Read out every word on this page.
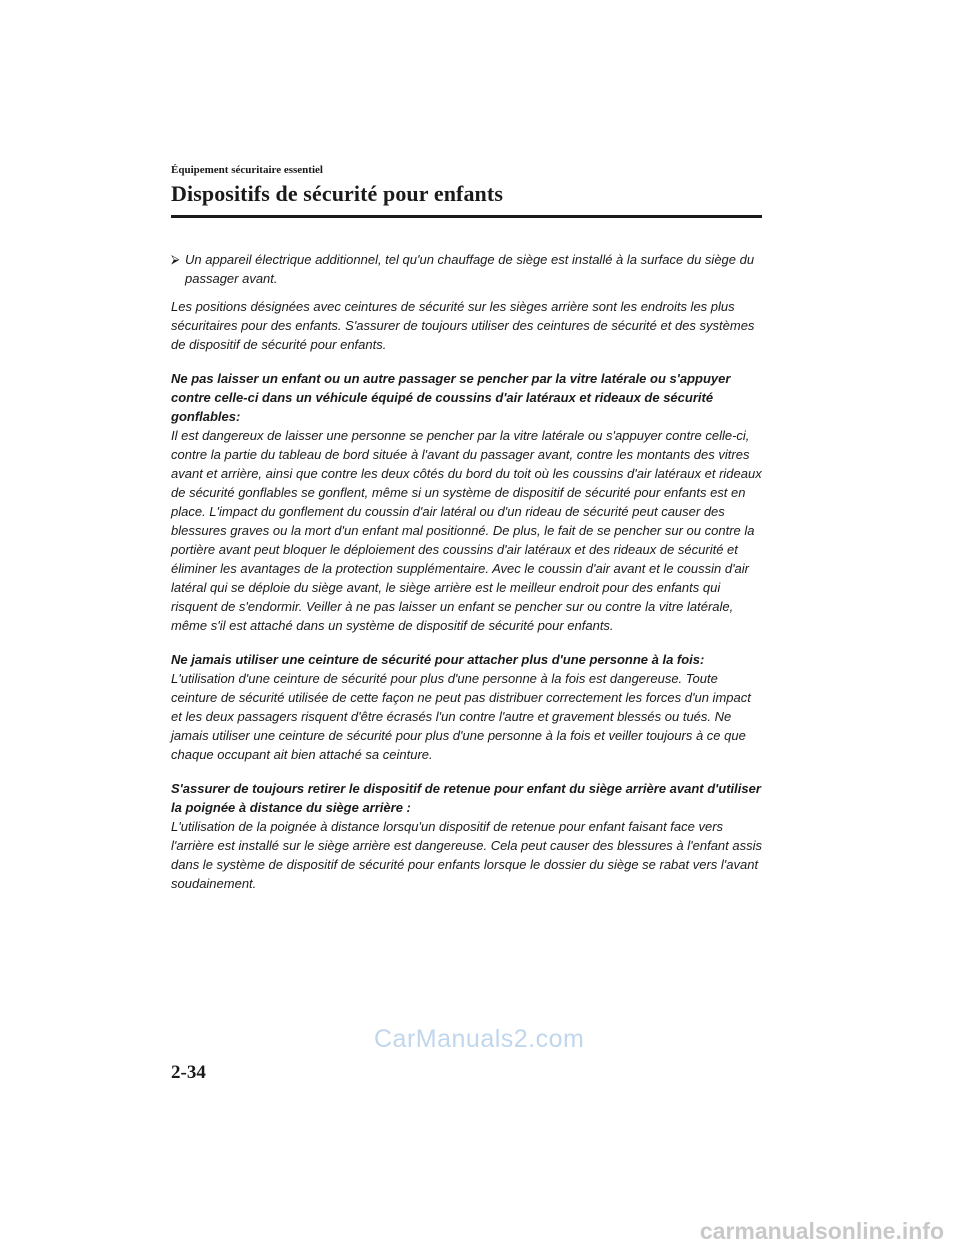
Équipement sécuritaire essentiel
Dispositifs de sécurité pour enfants
⮚ Un appareil électrique additionnel, tel qu'un chauffage de siège est installé à la surface du siège du passager avant.

Les positions désignées avec ceintures de sécurité sur les sièges arrière sont les endroits les plus sécuritaires pour des enfants. S'assurer de toujours utiliser des ceintures de sécurité et des systèmes de dispositif de sécurité pour enfants.

Ne pas laisser un enfant ou un autre passager se pencher par la vitre latérale ou s'appuyer contre celle-ci dans un véhicule équipé de coussins d'air latéraux et rideaux de sécurité gonflables:

Il est dangereux de laisser une personne se pencher par la vitre latérale ou s'appuyer contre celle-ci, contre la partie du tableau de bord située à l'avant du passager avant, contre les montants des vitres avant et arrière, ainsi que contre les deux côtés du bord du toit où les coussins d'air latéraux et rideaux de sécurité gonflables se gonflent, même si un système de dispositif de sécurité pour enfants est en place. L'impact du gonflement du coussin d'air latéral ou d'un rideau de sécurité peut causer des blessures graves ou la mort d'un enfant mal positionné. De plus, le fait de se pencher sur ou contre la portière avant peut bloquer le déploiement des coussins d'air latéraux et des rideaux de sécurité et éliminer les avantages de la protection supplémentaire. Avec le coussin d'air avant et le coussin d'air latéral qui se déploie du siège avant, le siège arrière est le meilleur endroit pour des enfants qui risquent de s'endormir. Veiller à ne pas laisser un enfant se pencher sur ou contre la vitre latérale, même s'il est attaché dans un système de dispositif de sécurité pour enfants.

Ne jamais utiliser une ceinture de sécurité pour attacher plus d'une personne à la fois:

L'utilisation d'une ceinture de sécurité pour plus d'une personne à la fois est dangereuse. Toute ceinture de sécurité utilisée de cette façon ne peut pas distribuer correctement les forces d'un impact et les deux passagers risquent d'être écrasés l'un contre l'autre et gravement blessés ou tués. Ne jamais utiliser une ceinture de sécurité pour plus d'une personne à la fois et veiller toujours à ce que chaque occupant ait bien attaché sa ceinture.

S'assurer de toujours retirer le dispositif de retenue pour enfant du siège arrière avant d'utiliser la poignée à distance du siège arrière :

L'utilisation de la poignée à distance lorsqu'un dispositif de retenue pour enfant faisant face vers l'arrière est installé sur le siège arrière est dangereuse. Cela peut causer des blessures à l'enfant assis dans le système de dispositif de sécurité pour enfants lorsque le dossier du siège se rabat vers l'avant soudainement.

CarManuals2.com
2-34
carmanualsonline.info
